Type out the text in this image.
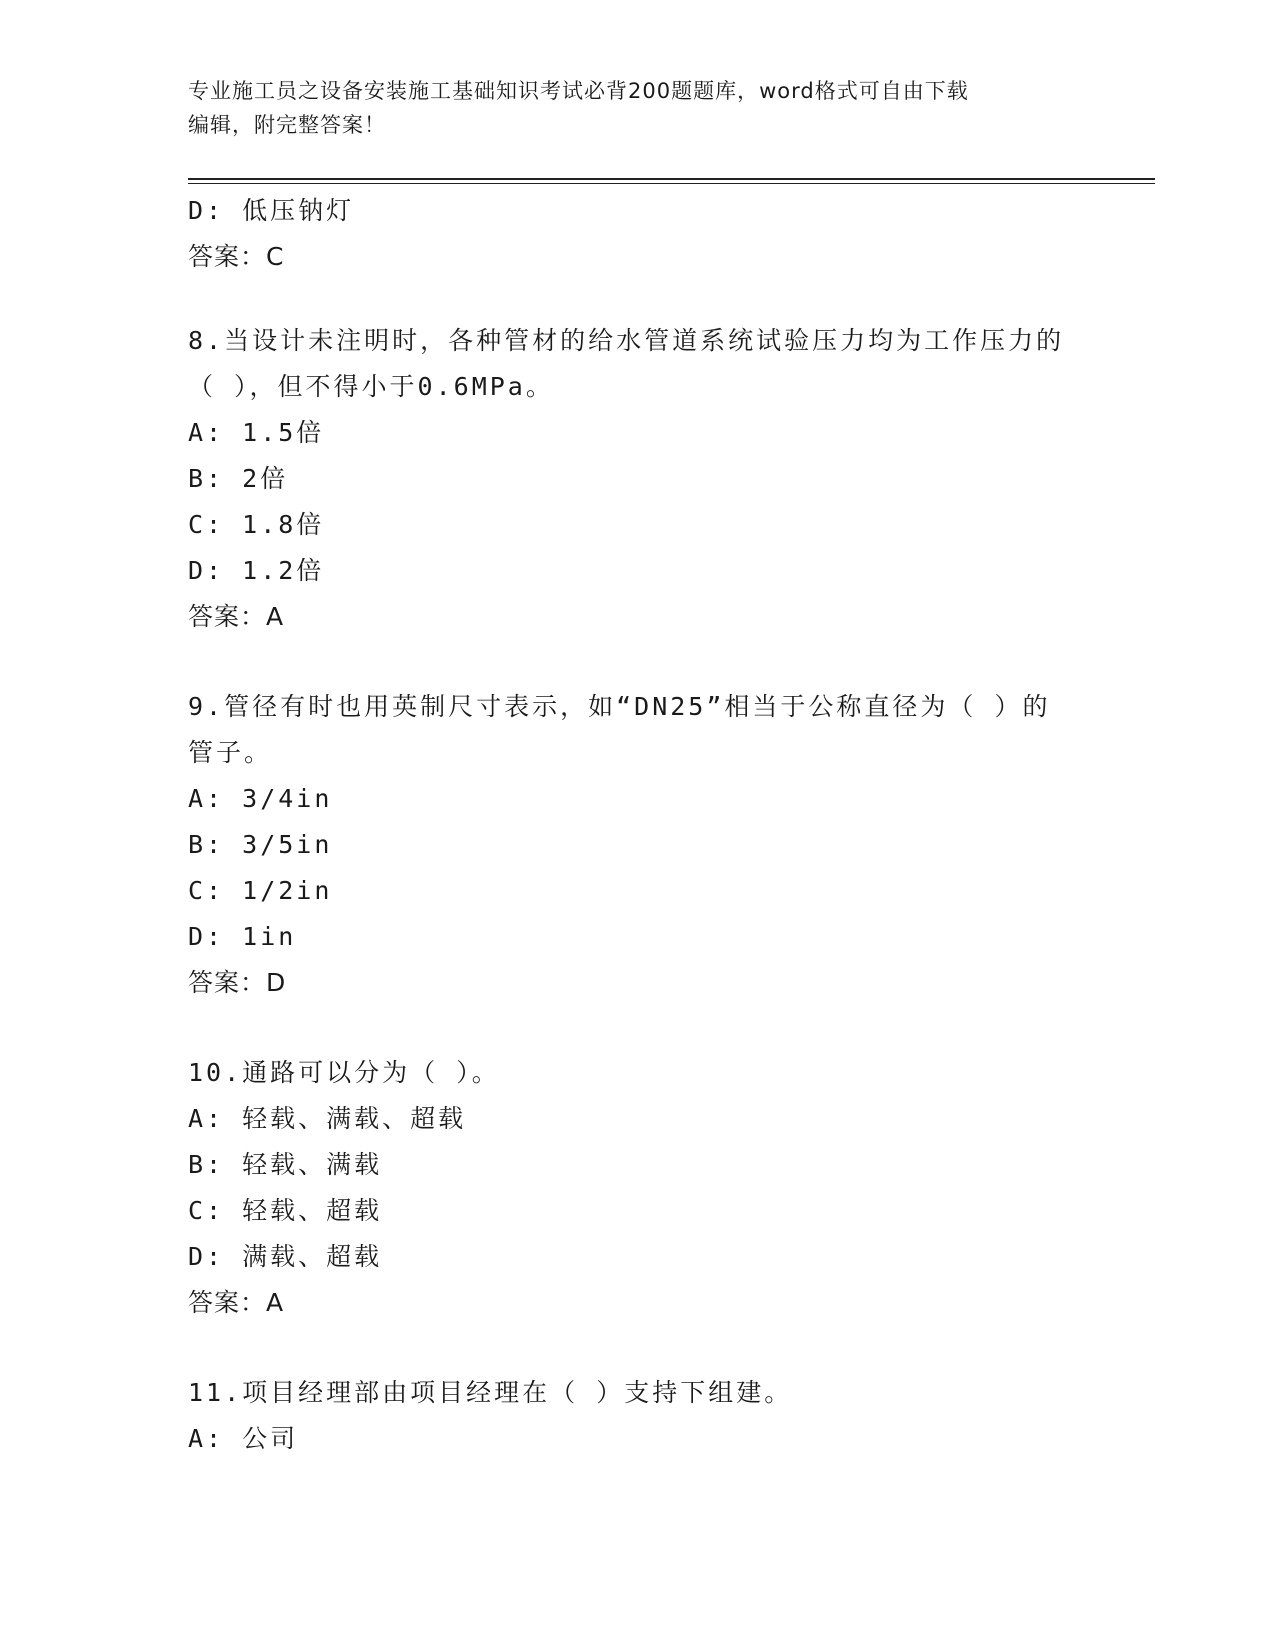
专业施工员之设备安装施工基础知识考试必背200题题库，word格式可自由下载
编辑，附完整答案！
D: 低压钠灯
答案：C
8.当设计未注明时，各种管材的给水管道系统试验压力均为工作压力的（ ），但不得小于0.6MPa。
A: 1.5倍
B: 2倍
C: 1.8倍
D: 1.2倍
答案：A
9.管径有时也用英制尺寸表示，如“DN25”相当于公称直径为（ ）的管子。
A: 3/4in
B: 3/5in
C: 1/2in
D: 1in
答案：D
10.通路可以分为（ ）。
A: 轻载、满载、超载
B: 轻载、满载
C: 轻载、超载
D: 满载、超载
答案：A
11.项目经理部由项目经理在（ ）支持下组建。
A: 公司
